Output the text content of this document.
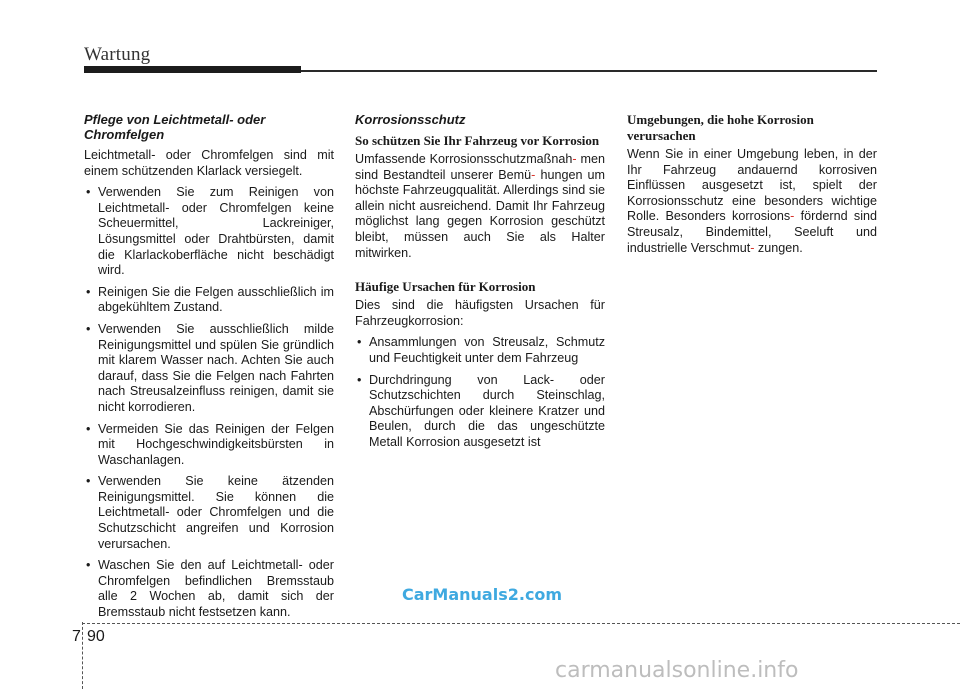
Wartung
Pflege von Leichtmetall- oder Chromfelgen

Leichtmetall- oder Chromfelgen sind mit einem schützenden Klarlack versiegelt.

• Verwenden Sie zum Reinigen von Leichtmetall- oder Chromfelgen keine Scheuermittel, Lackreiniger, Lösungsmittel oder Drahtbürsten, damit die Klarlackoberfläche nicht beschädigt wird.
• Reinigen Sie die Felgen ausschließlich im abgekühltem Zustand.
• Verwenden Sie ausschließlich milde Reinigungsmittel und spülen Sie gründlich mit klarem Wasser nach. Achten Sie auch darauf, dass Sie die Felgen nach Fahrten nach Streusalzeinfluss reinigen, damit sie nicht korrodieren.
• Vermeiden Sie das Reinigen der Felgen mit Hochgeschwindigkeitsbürsten in Waschanlagen.
• Verwenden Sie keine ätzenden Reinigungsmittel. Sie können die Leichtmetall- oder Chromfelgen und die Schutzschicht angreifen und Korrosion verursachen.
• Waschen Sie den auf Leichtmetall- oder Chromfelgen befindlichen Bremsstaub alle 2 Wochen ab, damit sich der Bremsstaub nicht festsetzen kann.
Korrosionsschutz
So schützen Sie Ihr Fahrzeug vor Korrosion

Umfassende Korrosionsschutzmaßnah- men sind Bestandteil unserer Bemü- hungen um höchste Fahrzeugqualität. Allerdings sind sie allein nicht ausreichend. Damit Ihr Fahrzeug möglichst lang gegen Korrosion geschützt bleibt, müssen auch Sie als Halter mitwirken.

Häufige Ursachen für Korrosion

Dies sind die häufigsten Ursachen für Fahrzeugkorrosion:

• Ansammlungen von Streusalz, Schmutz und Feuchtigkeit unter dem Fahrzeug
• Durchdringung von Lack- oder Schutzschichten durch Steinschlag, Abschürfungen oder kleinere Kratzer und Beulen, durch die das ungeschützte Metall Korrosion ausgesetzt ist
Umgebungen, die hohe Korrosion verursachen

Wenn Sie in einer Umgebung leben, in der Ihr Fahrzeug andauernd korrosiven Einflüssen ausgesetzt ist, spielt der Korrosionsschutz eine besonders wichtige Rolle. Besonders korrosions- fördernd sind Streusalz, Bindemittel, Seeluft und industrielle Verschmut- zungen.

CarManuals2.com
7 90
carmanualsonline.info
